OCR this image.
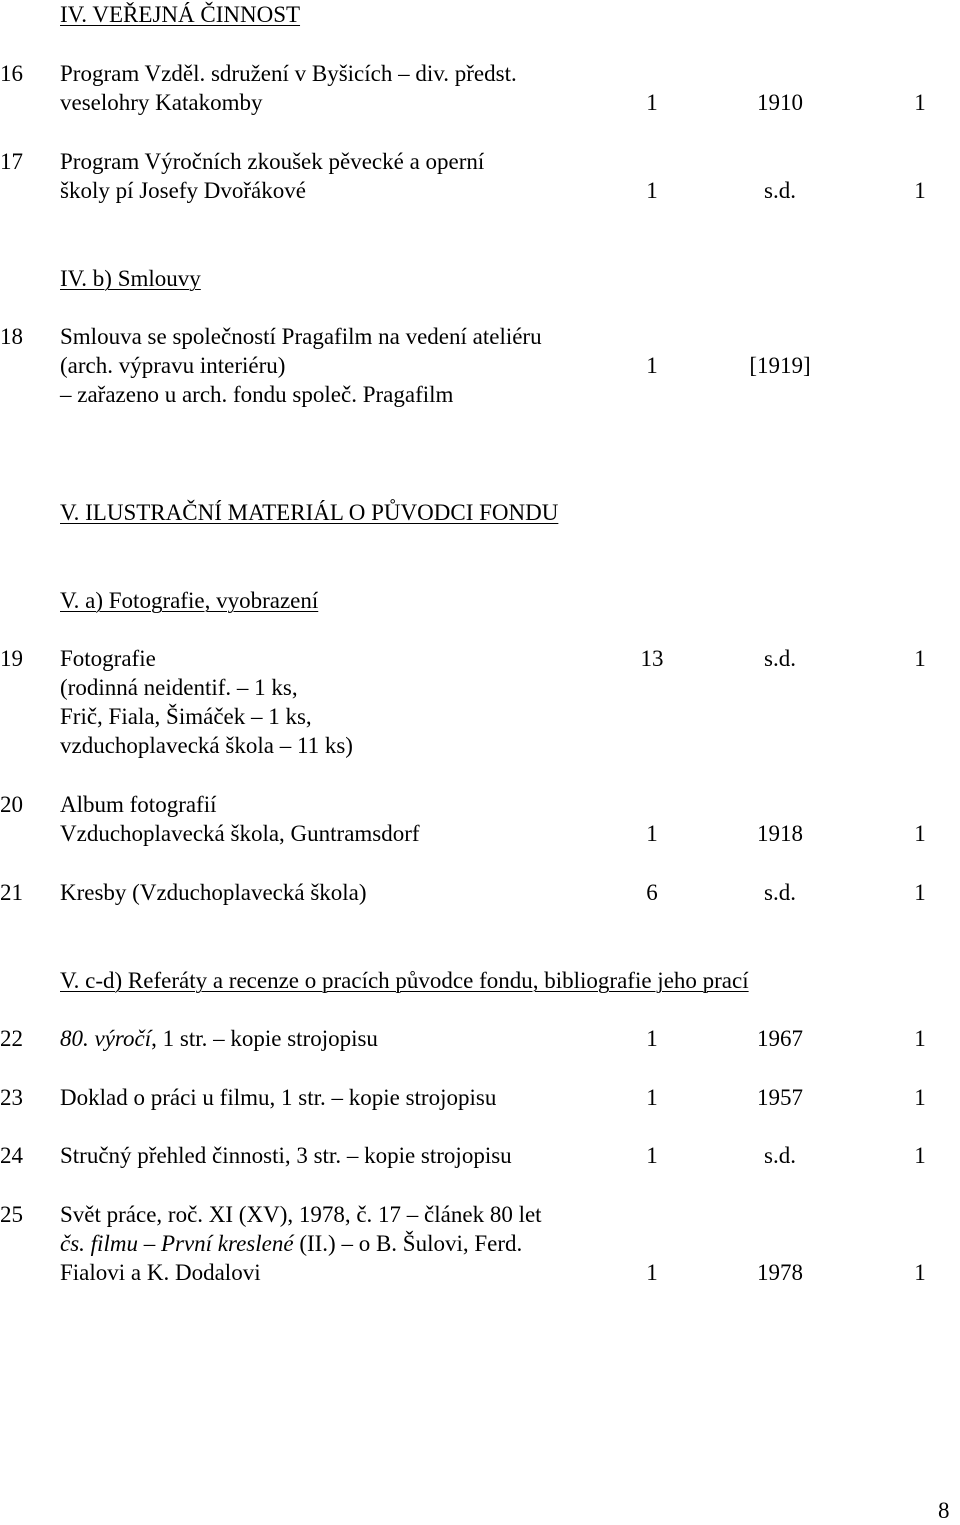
IV. VEŘEJNÁ ČINNOST
16 Program Vzděl. sdružení v Byšicích – div. předst.
veselohry Katakomby	1	1910	1
17 Program Výročních zkoušek pěvecké a operní
školy pí Josefy Dvořákové	1	s.d.	1
IV. b) Smlouvy
18 Smlouva se společností Pragafilm na vedení ateliéru
(arch. výpravu interiéru)	1	[1919]
– zařazeno u arch. fondu společ. Pragafilm
V. ILUSTRAČNÍ MATERIÁL O PŮVODCI FONDU
V. a) Fotografie, vyobrazení
19 Fotografie	13	s.d.	1
(rodinná neidentif. – 1 ks,
Frič, Fiala, Šimáček – 1 ks,
vzduchoplavecká škola – 11 ks)
20 Album fotografií
Vzduchoplavecká škola, Guntramsdorf	1	1918	1
21 Kresby (Vzduchoplavecká škola)	6	s.d.	1
V. c-d) Referáty a recenze o pracích původce fondu, bibliografie jeho prací
22 80. výročí, 1 str. – kopie strojopisu	1	1967	1
23 Doklad o práci u filmu, 1 str. – kopie strojopisu	1	1957	1
24 Stručný přehled činnosti, 3 str. – kopie strojopisu	1	s.d.	1
25 Svět práce, roč. XI (XV), 1978, č. 17 – článek 80 let
čs. filmu – První kreslené (II.) – o B. Šulovi, Ferd.
Fialovi a K. Dodalovi	1	1978	1
8
